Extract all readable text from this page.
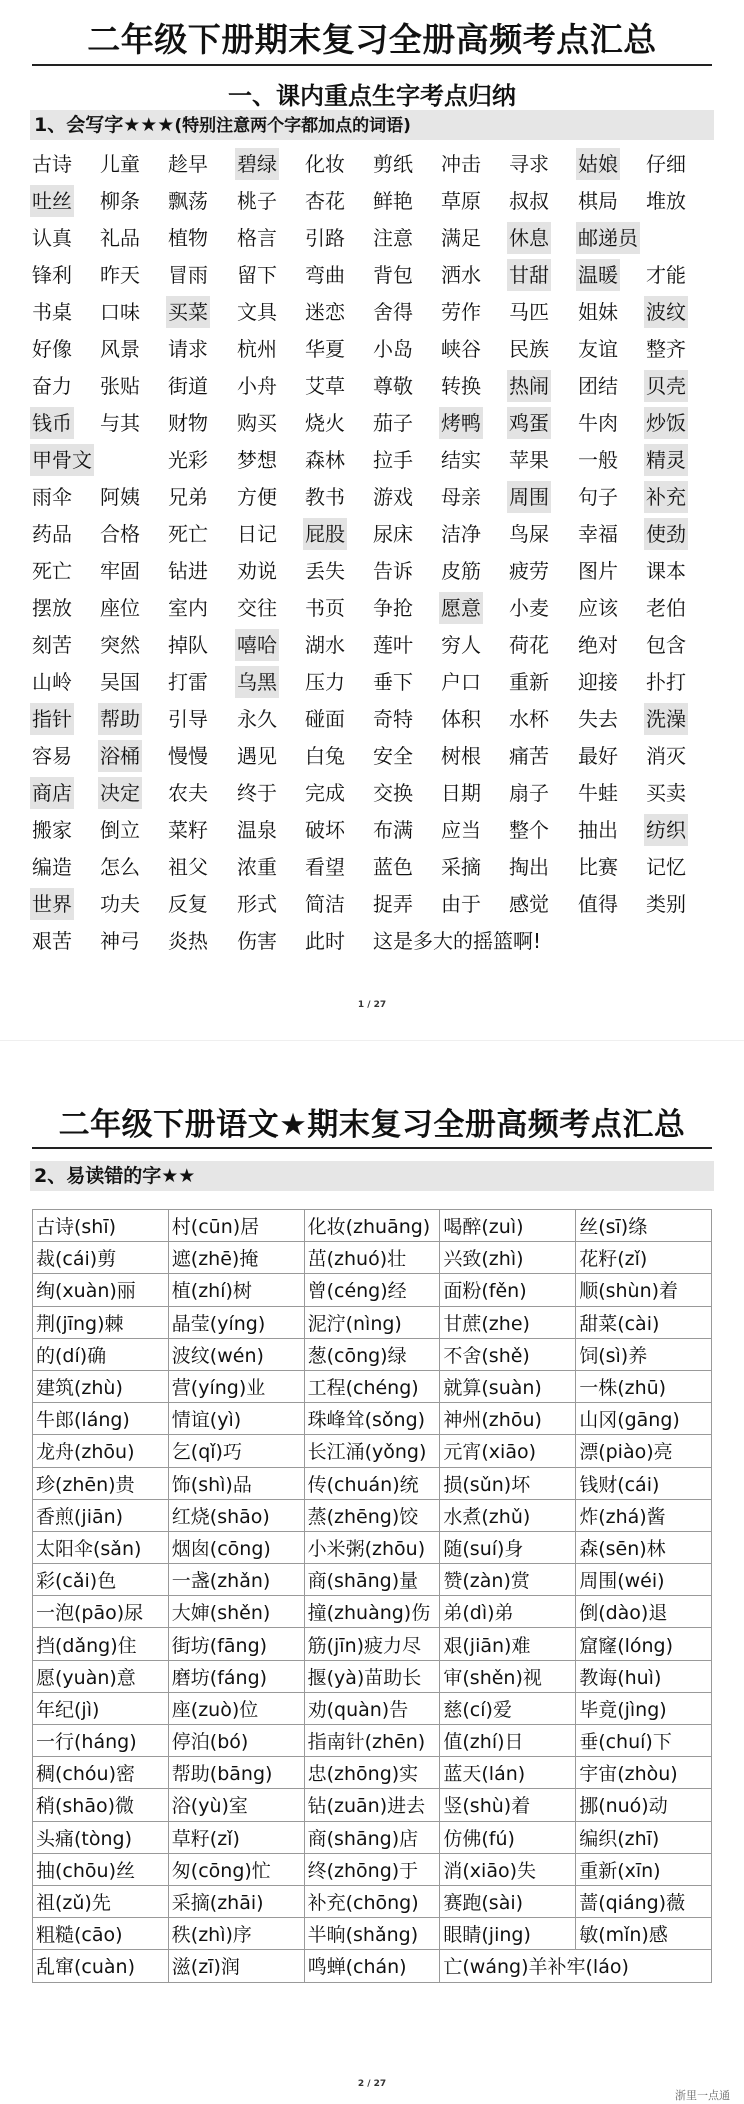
二年级下册期末复习全册高频考点汇总
一、课内重点生字考点归纳
1、会写字★★★(特别注意两个字都加点的词语)
古诗 儿童 趁早 碧绿 化妆 剪纸 冲击 寻求 姑娘 仔细
吐丝 柳条 飘荡 桃子 杏花 鲜艳 草原 叔叔 棋局 堆放
认真 礼品 植物 格言 引路 注意 满足 休息 邮递员
锋利 昨天 冒雨 留下 弯曲 背包 洒水 甘甜 温暖 才能
书桌 口味 买菜 文具 迷恋 舍得 劳作 马匹 姐妹 波纹
好像 风景 请求 杭州 华夏 小岛 峡谷 民族 友谊 整齐
奋力 张贴 街道 小舟 艾草 尊敬 转换 热闹 团结 贝壳
钱币 与其 财物 购买 烧火 茄子 烤鸭 鸡蛋 牛肉 炒饭
甲骨文	光彩 梦想 森林 拉手 结实 苹果 一般 精灵
雨伞 阿姨 兄弟 方便 教书 游戏 母亲 周围 句子 补充
药品 合格 死亡 日记 屁股 尿床 洁净 鸟屎 幸福 使劲
死亡 牢固 钻进 劝说 丢失 告诉 皮筋 疲劳 图片 课本
摆放 座位 室内 交往 书页 争抢 愿意 小麦 应该 老伯
刻苦 突然 掉队 嘻哈 湖水 莲叶 穷人 荷花 绝对 包含
山岭 吴国 打雷 乌黑 压力 垂下 户口 重新 迎接 扑打
指针 帮助 引导 永久 碰面 奇特 体积 水杯 失去 洗澡
容易 浴桶 慢慢 遇见 白兔 安全 树根 痛苦 最好 消灭
商店 决定 农夫 终于 完成 交换 日期 扇子 牛蛙 买卖
搬家 倒立 菜籽 温泉 破坏 布满 应当 整个 抽出 纺织
编造 怎么 祖父 浓重 看望 蓝色 采摘 掏出 比赛 记忆
世界 功夫 反复 形式 简洁 捉弄 由于 感觉 值得 类别
艰苦 神弓 炎热 伤害 此时 这是多大的摇篮啊!
1 / 27
二年级下册语文★期末复习全册高频考点汇总
2、易读错的字★★
古诗(shī)	村(cūn)居	化妆(zhuāng)	喝醉(zuì)	丝(sī)绦
裁(cái)剪	遮(zhē)掩	茁(zhuó)壮	兴致(zhì)	花籽(zǐ)
绚(xuàn)丽	植(zhí)树	曾(céng)经	面粉(fěn)	顺(shùn)着
荆(jīng)棘	晶莹(yíng)	泥泞(nìng)	甘蔗(zhe)	甜菜(cài)
的(dí)确	波纹(wén)	葱(cōng)绿	不舍(shě)	饲(sì)养
建筑(zhù)	营(yíng)业	工程(chéng)	就算(suàn)	一株(zhū)
牛郎(láng)	情谊(yì)	珠峰耸(sǒng)	神州(zhōu)	山冈(gāng)
龙舟(zhōu)	乞(qǐ)巧	长江涌(yǒng)	元宵(xiāo)	漂(piào)亮
珍(zhēn)贵	饰(shì)品	传(chuán)统	损(sǔn)坏	钱财(cái)
香煎(jiān)	红烧(shāo)	蒸(zhēng)饺	水煮(zhǔ)	炸(zhá)酱
太阳伞(sǎn)	烟囱(cōng)	小米粥(zhōu)	随(suí)身	森(sēn)林
彩(cǎi)色	一盏(zhǎn)	商(shāng)量	赞(zàn)赏	周围(wéi)
一泡(pāo)尿	大婶(shěn)	撞(zhuàng)伤	弟(dì)弟	倒(dào)退
挡(dǎng)住	街坊(fāng)	筋(jīn)疲力尽	艰(jiān)难	窟窿(lóng)
愿(yuàn)意	磨坊(fáng)	揠(yà)苗助长	审(shěn)视	教诲(huì)
年纪(jì)	座(zuò)位	劝(quàn)告	慈(cí)爱	毕竟(jìng)
一行(háng)	停泊(bó)	指南针(zhēn)	值(zhí)日	垂(chuí)下
稠(chóu)密	帮助(bāng)	忠(zhōng)实	蓝天(lán)	宇宙(zhòu)
稍(shāo)微	浴(yù)室	钻(zuān)进去	竖(shù)着	挪(nuó)动
头痛(tòng)	草籽(zǐ)	商(shāng)店	仿佛(fú)	编织(zhī)
抽(chōu)丝	匆(cōng)忙	终(zhōng)于	消(xiāo)失	重新(xīn)
祖(zǔ)先	采摘(zhāi)	补充(chōng)	赛跑(sài)	蔷(qiáng)薇
粗糙(cāo)	秩(zhì)序	半晌(shǎng)	眼睛(jing)	敏(mǐn)感
乱窜(cuàn)	滋(zī)润	鸣蝉(chán)	亡(wáng)羊补牢(láo)	
2 / 27
浙里一点通
